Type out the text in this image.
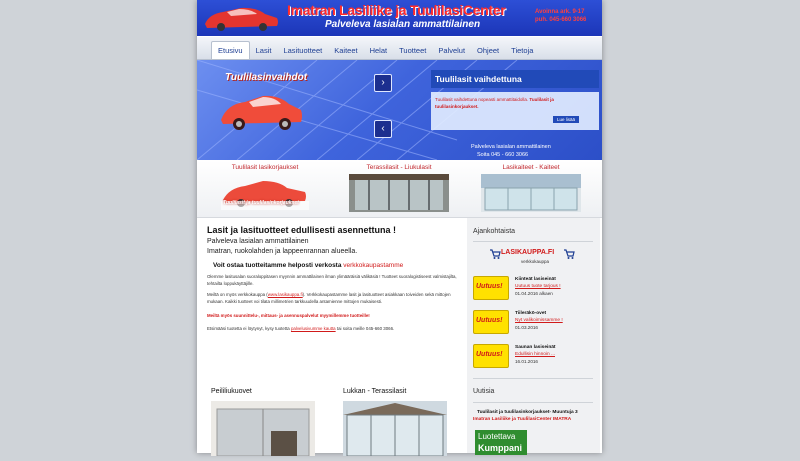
Imatran Lasiliike ja TuulilasiCenter
Palveleva lasialan ammattilainen
Avoinna ark. 9-17
puh. 045-660 3066
Etusivu	Lasit	Lasituotteet	Kaiteet	Helat	Tuotteet	Palvelut	Ohjeet	Tietoja
Tuulilasinvaihdot	›
‹
Tuulilasit vaihdettuna

Tuulilasit vaihdettuna nopeasti ammattitaidolla. Tuulilasit ja tuulilasinkorjaukset.

Lue lisää
Palveleva lasialan ammattilainen
Soita 045 - 660 3066
Tuulilasit lasikorjaukset
Tuulilasit ja tuulilasinkorjaukset
Terassilasit - Liukulasit	Lasikaiteet - Kaiteet
Lasit ja lasituotteet edullisesti asennettuna !
Palveleva lasialan ammattilainen
Imatran, ruokolahden ja lappeenrannan alueella.
Voit ostaa tuotteitamme helposti verkosta verkkokaupastamme

Olemme lasitusalan suoraloppitasen myynnin ammattilainen ilman ylimääräisiä välikäsiä ! Tuotteet suoralogistiseest valmistajilta, tehtailta loppukäyttäjille.

Meiltä on myös verkkokauppa (www.lasikauppa.fi). Verkkokaupastamme lasit ja lasituotteet asiakkaan toiveiden sekä mittojen mukaan. Kaikki tuotteet voi tilata millimetrien tarkkuudella antamienne mittojen mukaisesti.

Meiltä myös suunnittelu-, mittaus- ja asennuspalvelut myymillemme tuotteille!

Etsimääsi tuotetta ei löytynyt, kysy tuotetta palvelusivumme kautta tai soita meille 045-660 3066.

Peililiukuovet	Lukkan - Terassilasit
Ajankohtaista
LASIKAUPPA.FI
verkkokauppa
Uutuus!
Kiinteät lasiseinät
Uutuus tuote tarjous !
01.04.2016 alkaen
Uutuus!
Tiileräkö-ovet
Nyt valikoimissamme !
01.03.2016
Uutuus!
Saunan lasiseinät
Edullisin hinnoin ...
16.01.2016
Uutisia
Tuulilasit ja tuulilasinkorjaukset- Muuntuja 3
Imatran Lasiliike ja TuulilasiCenter IMATRA
Luotettava
Kumppani
